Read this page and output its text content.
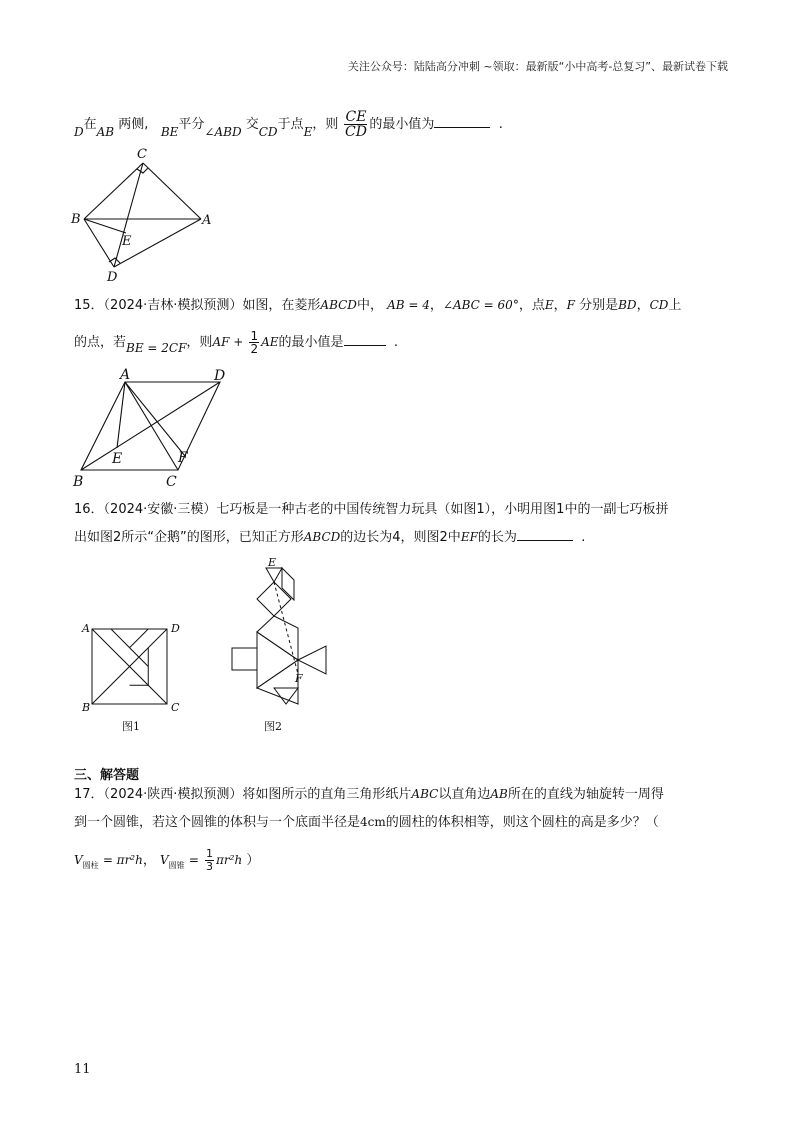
关注公众号：陆陆高分冲刺 ~领取：最新版“小中高考-总复习”、最新试卷下载
D在AB 两侧, BE平分∠ABD 交CD于点E，则 $\frac{CE}{CD}$ 的最小值为	.
C
B	A
E
D
15．（2024·吉林·模拟预测）如图，在菱形ABCD中， AB = 4，∠ABC = 60°，点E，F 分别是BD，CD上
的点，若BE = 2CF，则AF + $\frac{1}{2}$ AE的最小值是	.
A	D
E	F
B	C
16．（2024·安徽·三模）七巧板是一种古老的中国传统智力玩具（如图1），小明用图1中的一副七巧板拼
出如图2所示“企鹅”的图形，已知正方形ABCD的边长为4，则图2中EF的长为	.
A	D
B	C
图1
E
F
图2
三、解答题
17．（2024·陕西·模拟预测）将如图所示的直角三角形纸片ABC以直角边AB所在的直线为轴旋转一周得
到一个圆锥，若这个圆锥的体积与一个底面半径是4cm的圆柱的体积相等，则这个圆柱的高是多少？（
$V_{圆柱} = \pi r^2h$， $V_{圆锥} = \frac{1}{3} \pi r^2h$ ）
11
